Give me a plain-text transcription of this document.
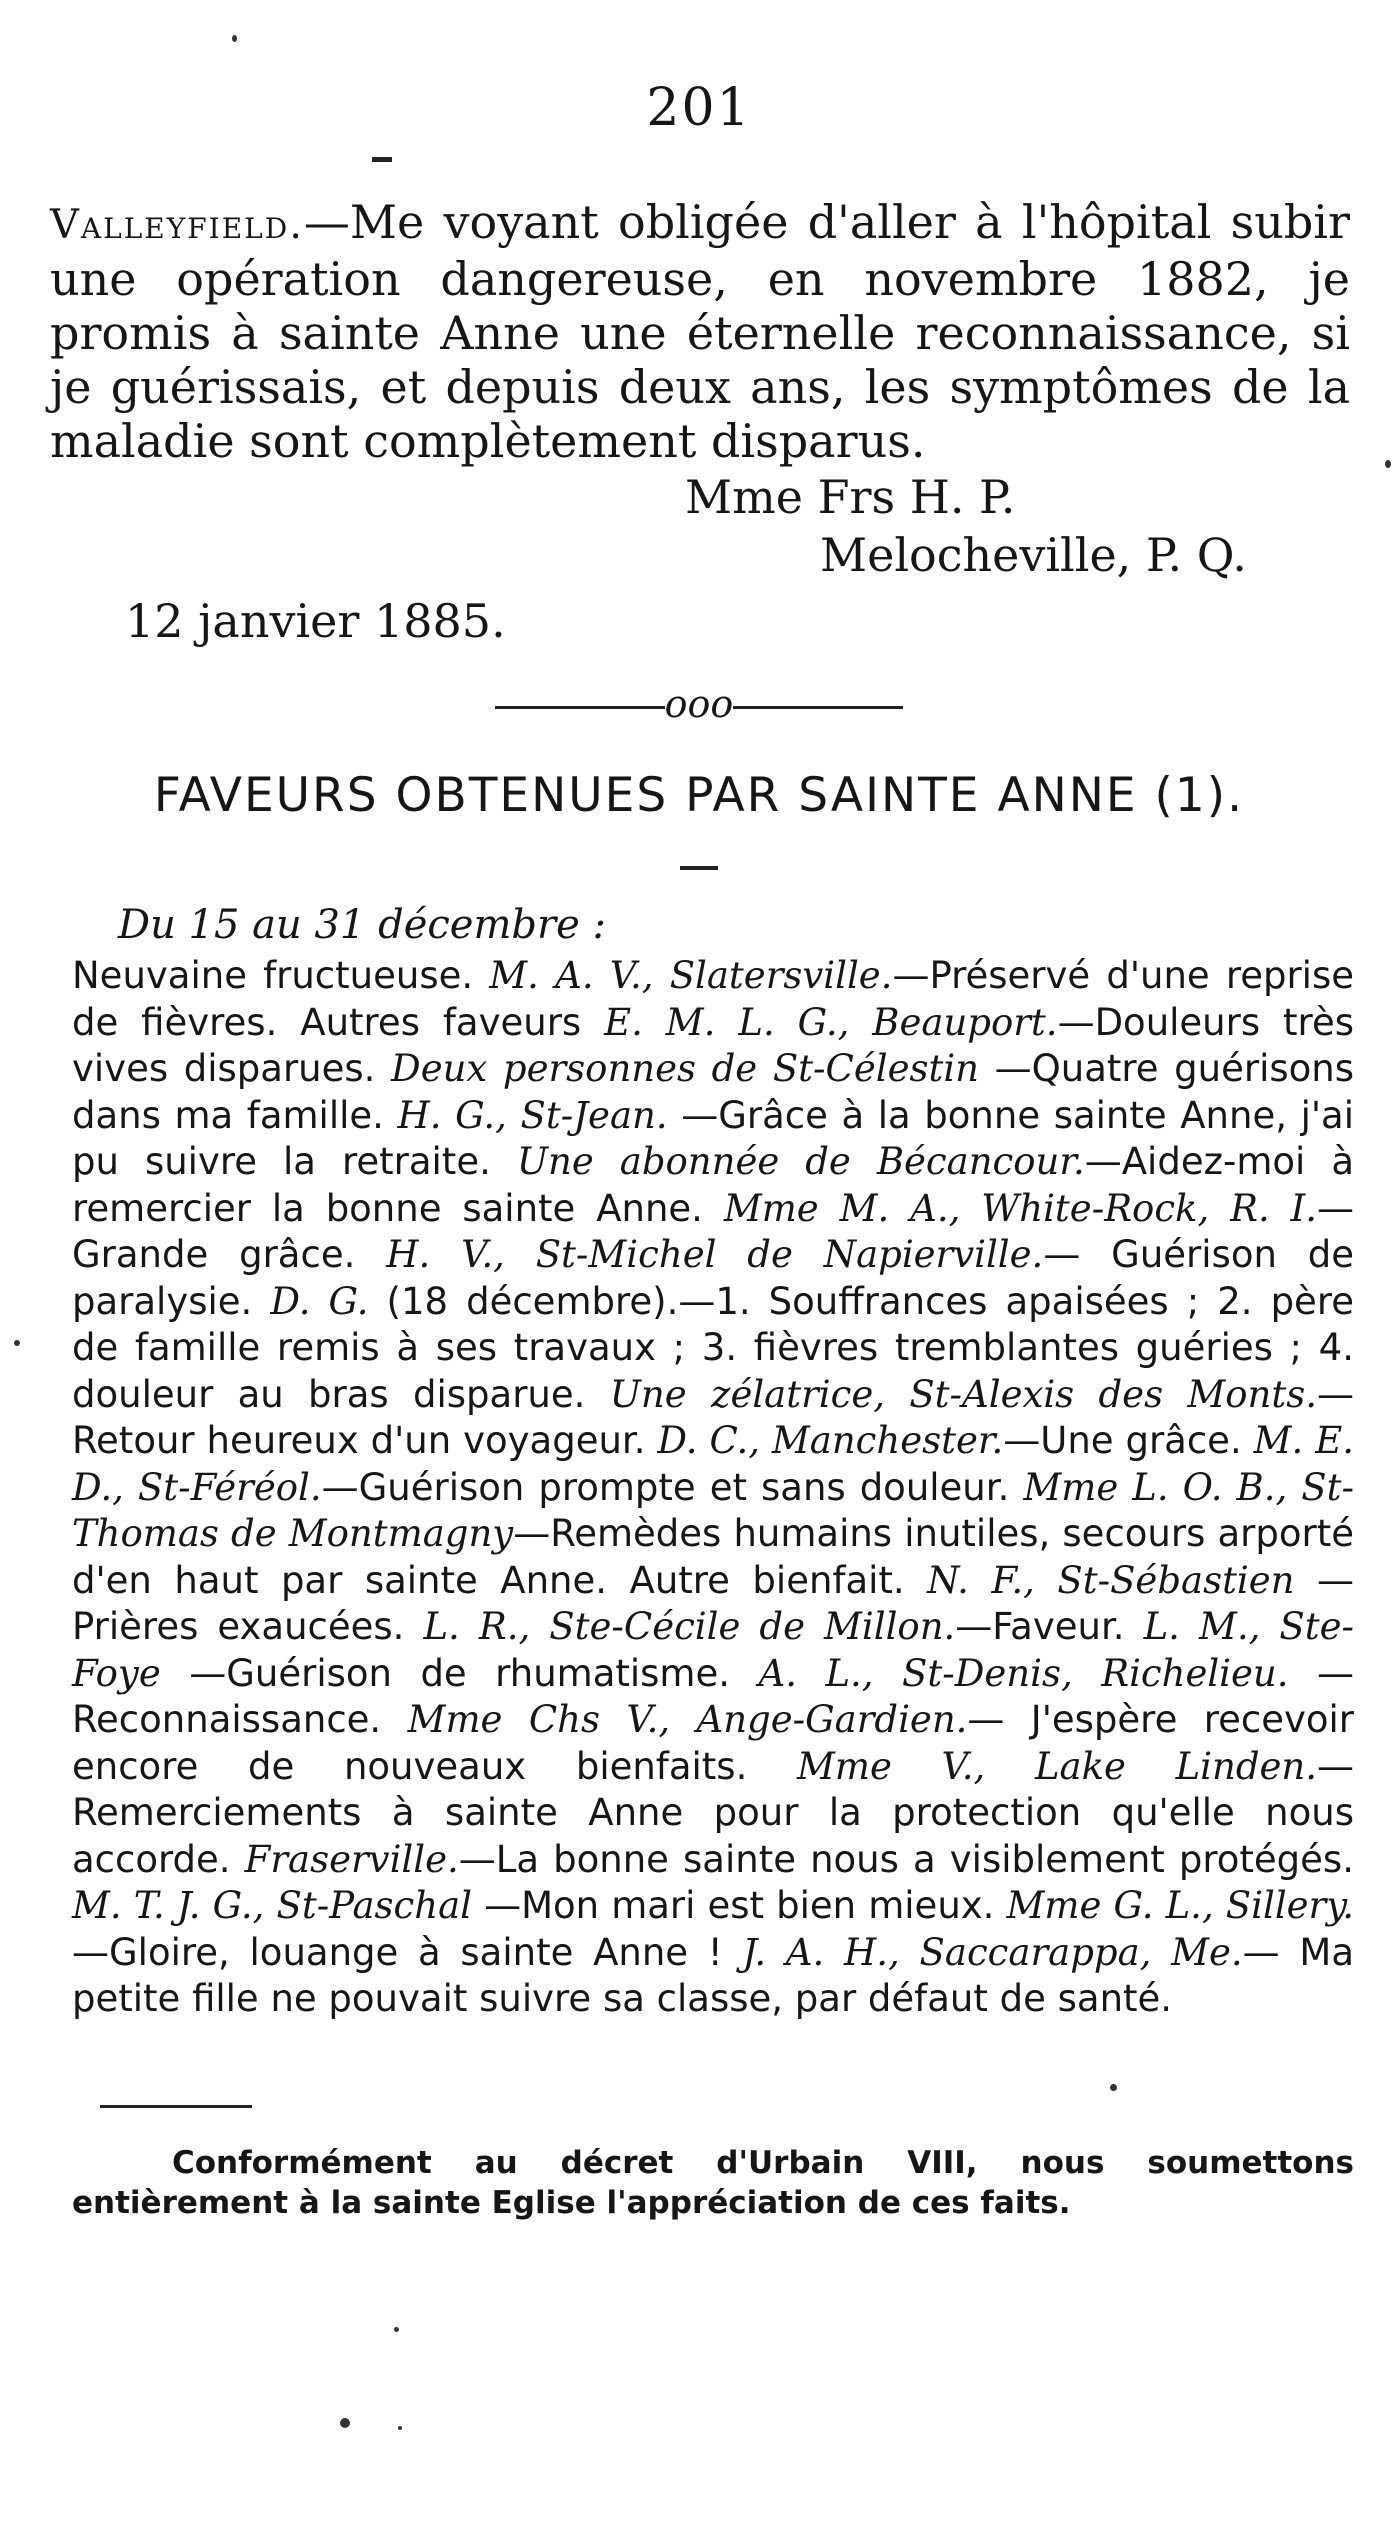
201

Valleyfield.—Me voyant obligée d'aller à l'hôpital subir une opération dangereuse, en novembre 1882, je promis à sainte Anne une éternelle reconnaissance, si je guérissais, et depuis deux ans, les symptômes de la maladie sont complètement disparus.

Mme Frs H. P.
Melocheville, P. Q.
12 janvier 1885.
ooo
FAVEURS OBTENUES PAR SAINTE ANNE (1).
Du 15 au 31 décembre :

Neuvaine fructueuse. M. A. V., Slatersville.—Préservé d'une reprise de fièvres. Autres faveurs E. M. L. G., Beauport.—Douleurs très vives disparues. Deux personnes de St-Célestin —Quatre guérisons dans ma famille. H. G., St-Jean. —Grâce à la bonne sainte Anne, j'ai pu suivre la retraite. Une abonnée de Bécancour.—Aidez-moi à remercier la bonne sainte Anne. Mme M. A., White-Rock, R. I.—Grande grâce. H. V., St-Michel de Napierville.— Guérison de paralysie. D. G. (18 décembre).—1. Souffrances apaisées ; 2. père de famille remis à ses travaux ; 3. fièvres tremblantes guéries ; 4. douleur au bras disparue. Une zélatrice, St-Alexis des Monts.— Retour heureux d'un voyageur. D. C., Manchester.—Une grâce. M. E. D., St-Féréol.—Guérison prompte et sans douleur. Mme L. O. B., St-Thomas de Montmagny—Remèdes humains inutiles, secours arporté d'en haut par sainte Anne. Autre bienfait. N. F., St-Sébastien —Prières exaucées. L. R., Ste-Cécile de Millon.—Faveur. L. M., Ste-Foye —Guérison de rhumatisme. A. L., St-Denis, Richelieu. — Reconnaissance. Mme Chs V., Ange-Gardien.— J'espère recevoir encore de nouveaux bienfaits. Mme V., Lake Linden.—Remerciements à sainte Anne pour la protection qu'elle nous accorde. Fraserville.—La bonne sainte nous a visiblement protégés. M. T. J. G., St-Paschal —Mon mari est bien mieux. Mme G. L., Sillery. —Gloire, louange à sainte Anne ! J. A. H., Saccarappa, Me.— Ma petite fille ne pouvait suivre sa classe, par défaut de santé.

Conformément au décret d'Urbain VIII, nous soumettons entièrement à la sainte Eglise l'appréciation de ces faits.
